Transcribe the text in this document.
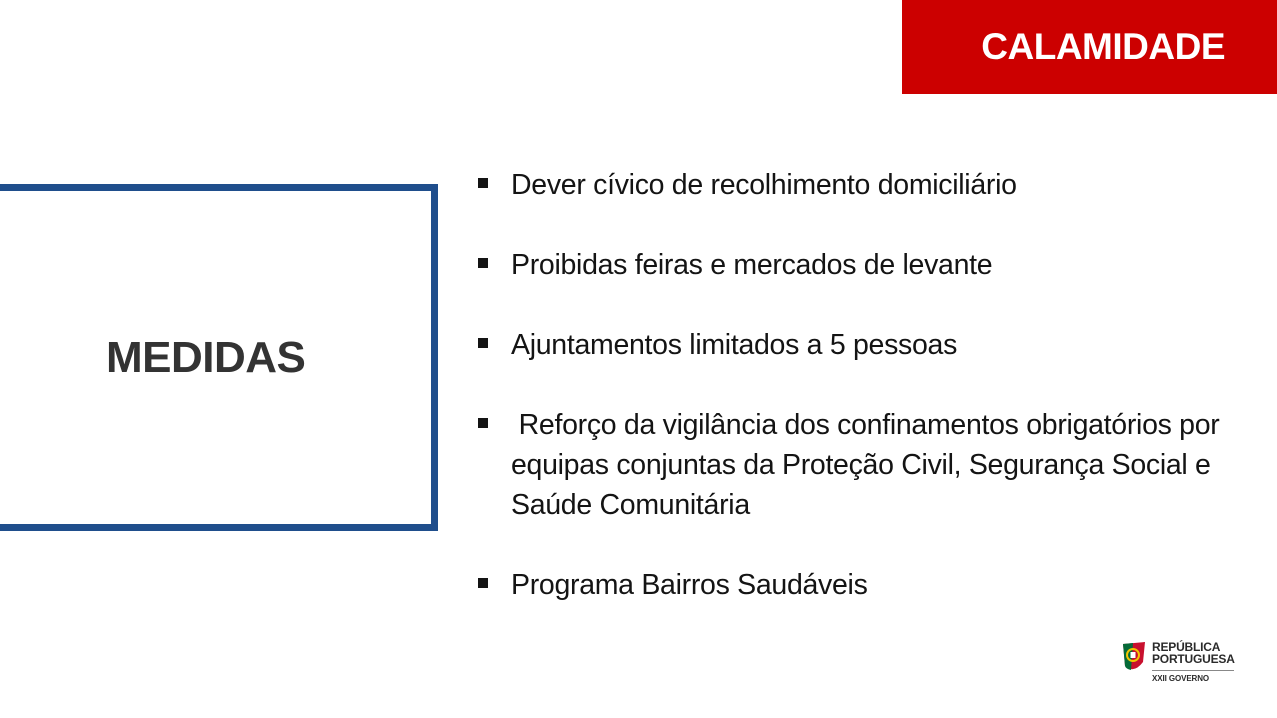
CALAMIDADE
MEDIDAS
Dever cívico de recolhimento domiciliário
Proibidas feiras e mercados de levante
Ajuntamentos limitados a 5 pessoas
Reforço da vigilância dos confinamentos obrigatórios por equipas conjuntas da Proteção Civil, Segurança Social e Saúde Comunitária
Programa Bairros Saudáveis
REPÚBLICA
PORTUGUESA
XXII GOVERNO
